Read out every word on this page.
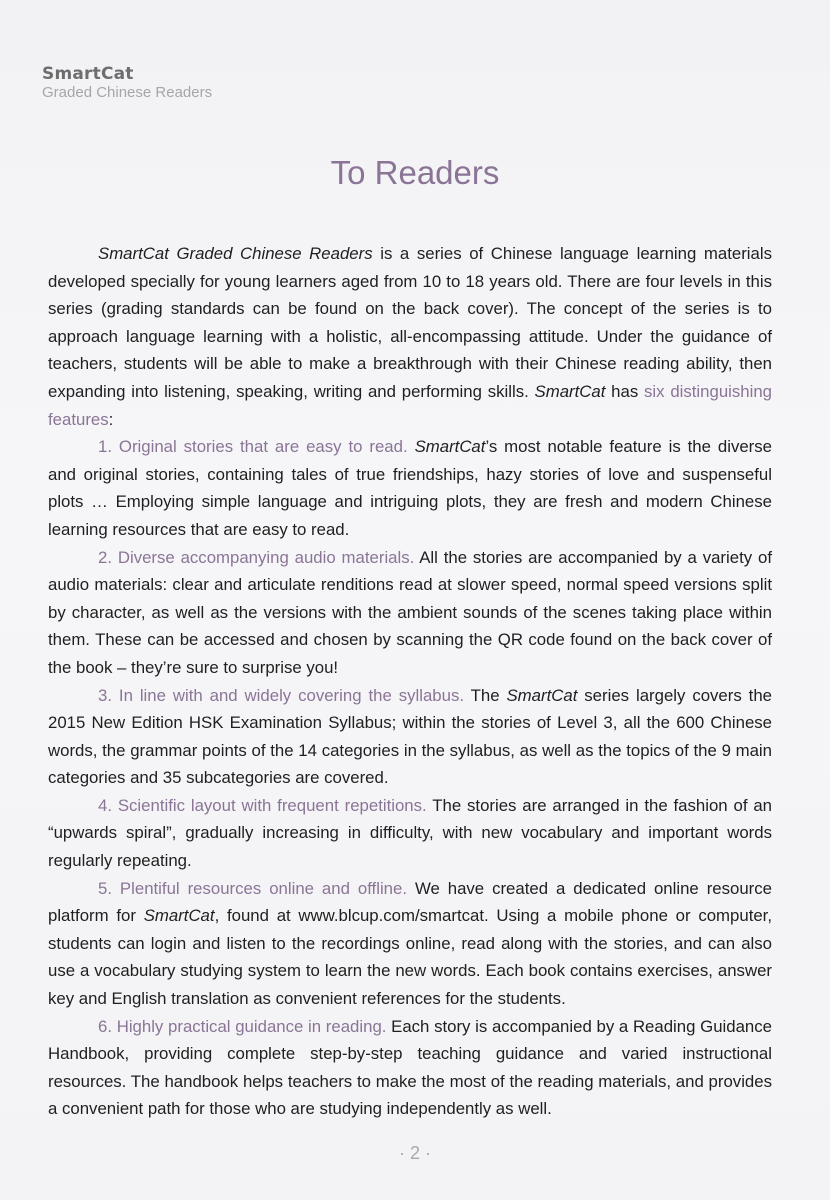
SmartCat
Graded Chinese Readers
To Readers

SmartCat Graded Chinese Readers is a series of Chinese language learning materials developed specially for young learners aged from 10 to 18 years old. There are four levels in this series (grading standards can be found on the back cover). The concept of the series is to approach language learning with a holistic, all-encompassing attitude. Under the guidance of teachers, students will be able to make a breakthrough with their Chinese reading ability, then expanding into listening, speaking, writing and performing skills. SmartCat has six distinguishing features:

1. Original stories that are easy to read. SmartCat’s most notable feature is the diverse and original stories, containing tales of true friendships, hazy stories of love and suspenseful plots … Employing simple language and intriguing plots, they are fresh and modern Chinese learning resources that are easy to read.

2. Diverse accompanying audio materials. All the stories are accompanied by a variety of audio materials: clear and articulate renditions read at slower speed, normal speed versions split by character, as well as the versions with the ambient sounds of the scenes taking place within them. These can be accessed and chosen by scanning the QR code found on the back cover of the book – they’re sure to surprise you!

3. In line with and widely covering the syllabus. The SmartCat series largely covers the 2015 New Edition HSK Examination Syllabus; within the stories of Level 3, all the 600 Chinese words, the grammar points of the 14 categories in the syllabus, as well as the topics of the 9 main categories and 35 subcategories are covered.

4. Scientific layout with frequent repetitions. The stories are arranged in the fashion of an “upwards spiral”, gradually increasing in difficulty, with new vocabulary and important words regularly repeating.

5. Plentiful resources online and offline. We have created a dedicated online resource platform for SmartCat, found at www.blcup.com/smartcat. Using a mobile phone or computer, students can login and listen to the recordings online, read along with the stories, and can also use a vocabulary studying system to learn the new words. Each book contains exercises, answer key and English translation as convenient references for the students.

6. Highly practical guidance in reading. Each story is accompanied by a Reading Guidance Handbook, providing complete step-by-step teaching guidance and varied instructional resources. The handbook helps teachers to make the most of the reading materials, and provides a convenient path for those who are studying independently as well.

· 2 ·
